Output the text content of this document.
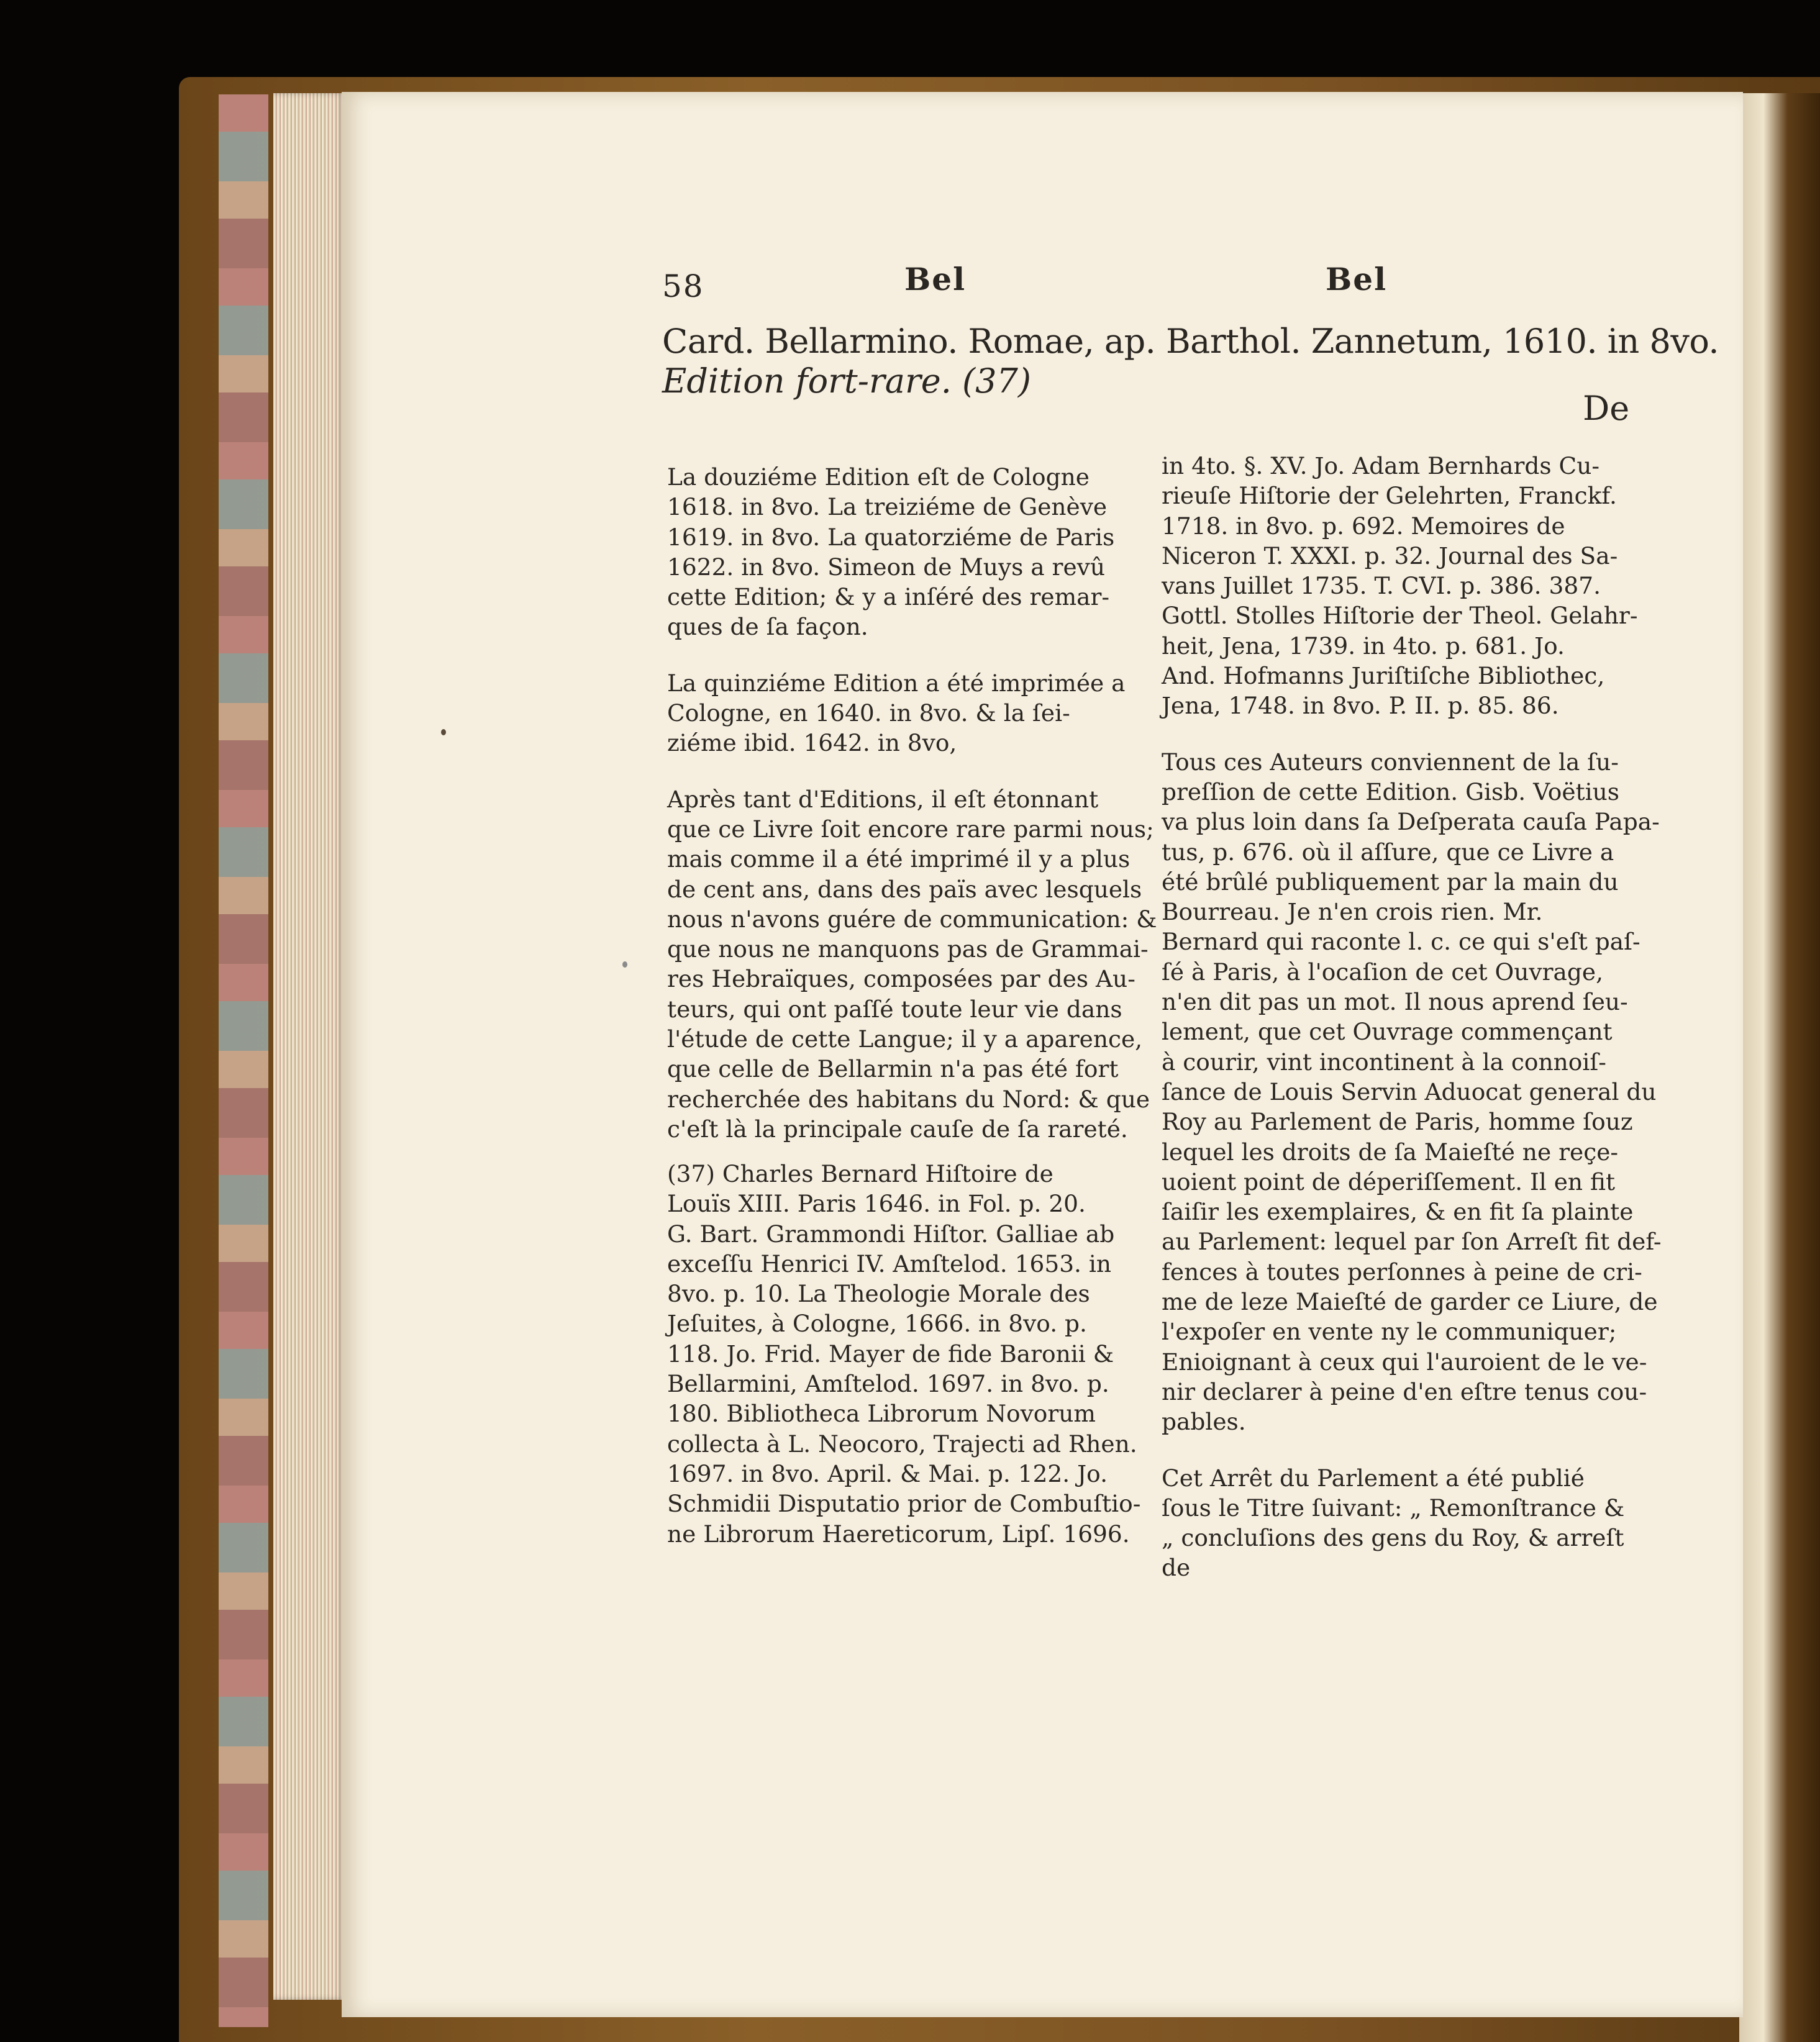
58	Bel	Bel
Card. Bellarmino. Romae, ap. Barthol. Zannetum, 1610. in 8vo.
Edition fort-rare. (37)
De

La douziéme Edition eſt de Cologne

1618. in 8vo. La treiziéme de Genève

1619. in 8vo. La quatorziéme de Paris

1622. in 8vo. Simeon de Muys a revû

cette Edition; & y a inſéré des remar-

ques de ſa façon.

La quinziéme Edition a été imprimée a

Cologne, en 1640. in 8vo. & la ſei-

ziéme ibid. 1642. in 8vo,

Après tant d'Editions, il eſt étonnant

que ce Livre ſoit encore rare parmi nous;

mais comme il a été imprimé il y a plus

de cent ans, dans des païs avec lesquels

nous n'avons guére de communication: &

que nous ne manquons pas de Grammai-

res Hebraïques, composées par des Au-

teurs, qui ont paſſé toute leur vie dans

l'étude de cette Langue; il y a aparence,

que celle de Bellarmin n'a pas été fort

recherchée des habitans du Nord: & que

c'eſt là la principale cauſe de ſa rareté.

(37) Charles Bernard Hiſtoire de

Louïs XIII. Paris 1646. in Fol. p. 20.

G. Bart. Grammondi Hiſtor. Galliae ab

exceſſu Henrici IV. Amſtelod. 1653. in

8vo. p. 10. La Theologie Morale des

Jeſuites, à Cologne, 1666. in 8vo. p.

118. Jo. Frid. Mayer de fide Baronii &

Bellarmini, Amſtelod. 1697. in 8vo. p.

180. Bibliotheca Librorum Novorum

collecta à L. Neocoro, Trajecti ad Rhen.

1697. in 8vo. April. & Mai. p. 122. Jo.

Schmidii Disputatio prior de Combuſtio-

ne Librorum Haereticorum, Lipſ. 1696.

in 4to. §. XV. Jo. Adam Bernhards Cu-

rieuſe Hiſtorie der Gelehrten, Franckf.

1718. in 8vo. p. 692. Memoires de

Niceron T. XXXI. p. 32. Journal des Sa-

vans Juillet 1735. T. CVI. p. 386. 387.

Gottl. Stolles Hiſtorie der Theol. Gelahr-

heit, Jena, 1739. in 4to. p. 681. Jo.

And. Hofmanns Juriſtiſche Bibliothec,

Jena, 1748. in 8vo. P. II. p. 85. 86.

Tous ces Auteurs conviennent de la ſu-

preſſion de cette Edition. Gisb. Voëtius

va plus loin dans ſa Deſperata cauſa Papa-

tus, p. 676. où il aſſure, que ce Livre a

été brûlé publiquement par la main du

Bourreau. Je n'en crois rien. Mr.

Bernard qui raconte l. c. ce qui s'eſt paſ-

ſé à Paris, à l'ocaſion de cet Ouvrage,

n'en dit pas un mot. Il nous aprend ſeu-

lement, que cet Ouvrage commençant

à courir, vint incontinent à la connoiſ-

ſance de Louis Servin Aduocat general du

Roy au Parlement de Paris, homme ſouz

lequel les droits de ſa Maieſté ne reçe-

uoient point de déperiſſement. Il en fit

ſaiſir les exemplaires, & en fit ſa plainte

au Parlement: lequel par ſon Arreſt fit def-

fences à toutes perſonnes à peine de cri-

me de leze Maieſté de garder ce Liure, de

l'expoſer en vente ny le communiquer;

Enioignant à ceux qui l'auroient de le ve-

nir declarer à peine d'en eſtre tenus cou-

pables.

Cet Arrêt du Parlement a été publié

ſous le Titre ſuivant: „ Remonſtrance &

„ concluſions des gens du Roy, & arreſt

de
